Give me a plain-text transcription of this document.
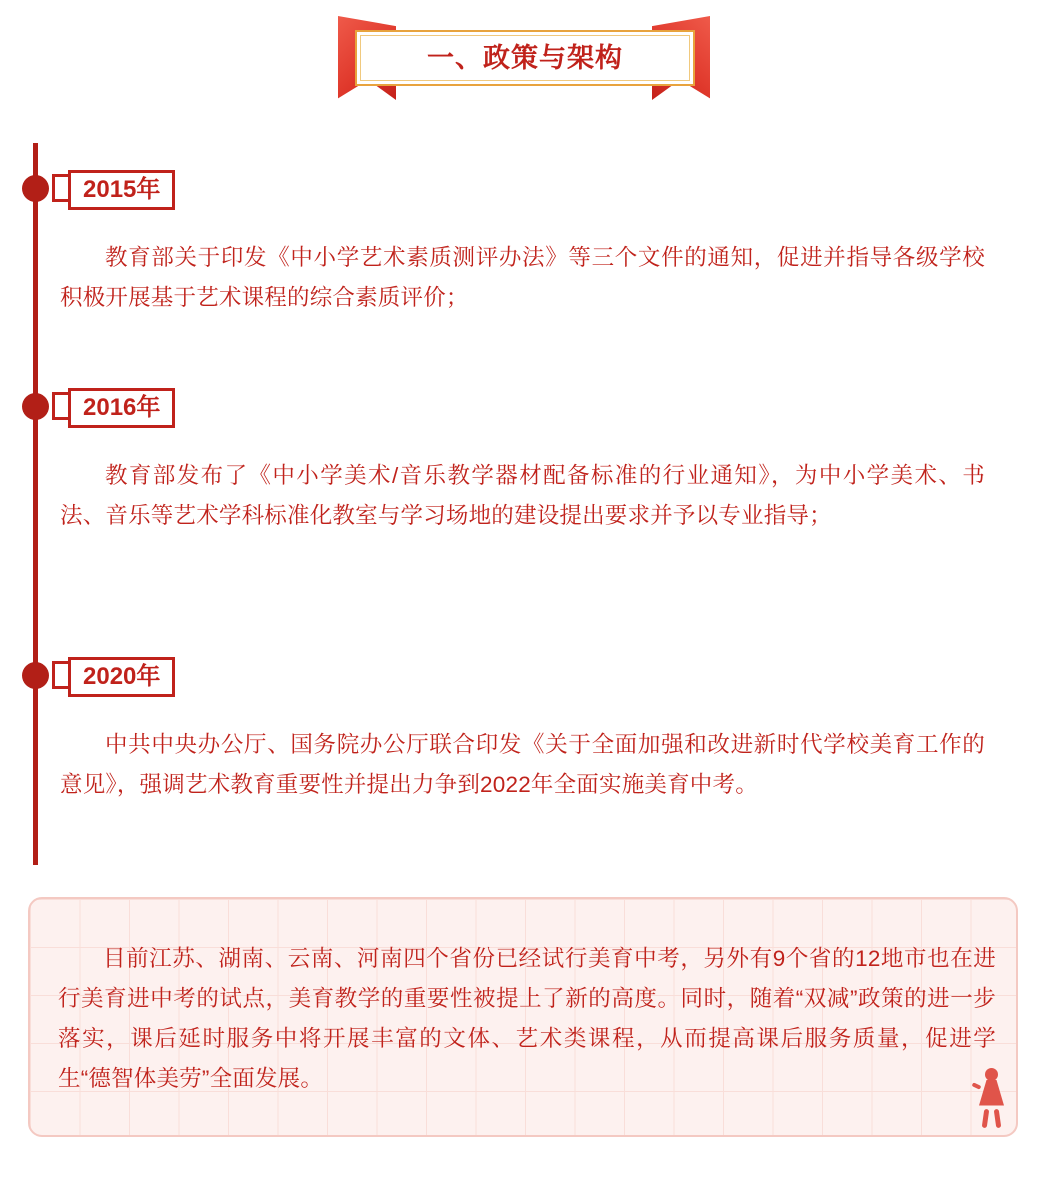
一、政策与架构
2015年
教育部关于印发《中小学艺术素质测评办法》等三个文件的通知，促进并指导各级学校积极开展基于艺术课程的综合素质评价；
2016年
教育部发布了《中小学美术/音乐教学器材配备标准的行业通知》，为中小学美术、书法、音乐等艺术学科标准化教室与学习场地的建设提出要求并予以专业指导；
2020年
中共中央办公厅、国务院办公厅联合印发《关于全面加强和改进新时代学校美育工作的意见》，强调艺术教育重要性并提出力争到2022年全面实施美育中考。
目前江苏、湖南、云南、河南四个省份已经试行美育中考，另外有9个省的12地市也在进行美育进中考的试点，美育教学的重要性被提上了新的高度。同时，随着“双减”政策的进一步落实，课后延时服务中将开展丰富的文体、艺术类课程，从而提高课后服务质量，促进学生“德智体美劳”全面发展。
